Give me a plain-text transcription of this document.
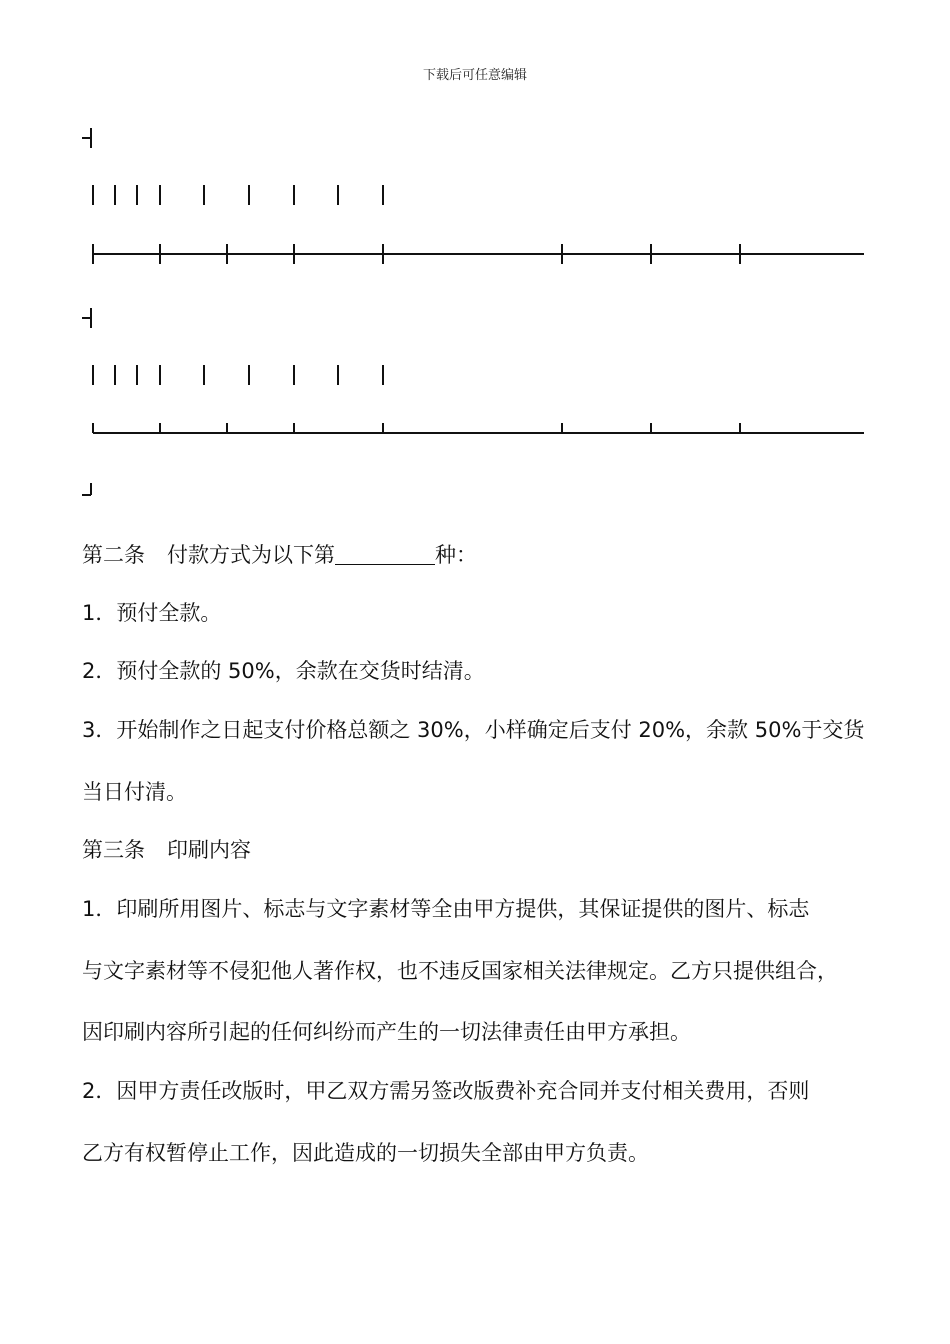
下载后可任意编辑
第二条 付款方式为以下第	种：
1．预付全款。
2．预付全款的 50%，余款在交货时结清。
3．开始制作之日起支付价格总额之 30%，小样确定后支付 20%，余款 50%于交货
当日付清。
第三条 印刷内容
1．印刷所用图片、标志与文字素材等全由甲方提供，其保证提供的图片、标志
与文字素材等不侵犯他人著作权，也不违反国家相关法律规定。乙方只提供组合，
因印刷内容所引起的任何纠纷而产生的一切法律责任由甲方承担。
2．因甲方责任改版时，甲乙双方需另签改版费补充合同并支付相关费用，否则
乙方有权暂停止工作，因此造成的一切损失全部由甲方负责。
